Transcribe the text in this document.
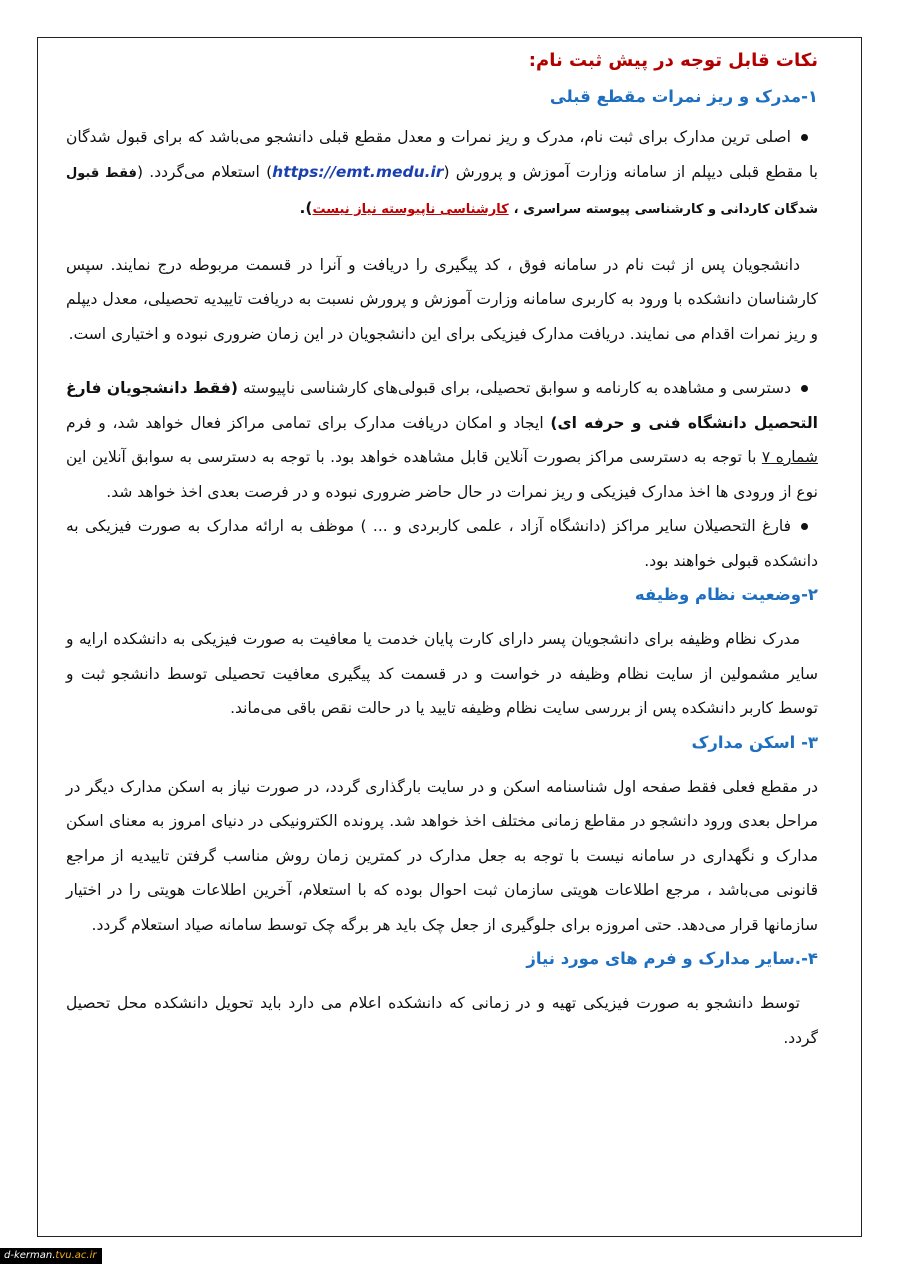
نکات قابل توجه در پیش ثبت نام:

۱-مدرک و ریز نمرات مقطع قبلی

اصلی ترین مدارک برای ثبت نام، مدرک و ریز نمرات و معدل مقطع قبلی دانشجو می‌باشد که برای قبول شدگان با مقطع قبلی دیپلم از سامانه وزارت آموزش و پرورش (https://emt.medu.ir) استعلام می‌گردد. (فقط قبول شدگان کاردانی و کارشناسی پیوسته سراسری ، کارشناسی ناپیوسته نیاز نیست).

دانشجویان پس از ثبت نام در سامانه فوق ، کد پیگیری را دریافت و آنرا در قسمت مربوطه درج نمایند. سپس کارشناسان دانشکده با ورود به کاربری سامانه وزارت آموزش و پرورش نسبت به دریافت تاییدیه تحصیلی، معدل دیپلم و ریز نمرات اقدام می نمایند. دریافت مدارک فیزیکی برای این دانشجویان در این زمان ضروری نبوده و اختیاری است.

دسترسی و مشاهده به کارنامه و سوابق تحصیلی، برای قبولی‌های کارشناسی ناپیوسته (فقط دانشجویان فارغ التحصیل دانشگاه فنی و حرفه ای) ایجاد و امکان دریافت مدارک برای تمامی مراکز فعال خواهد شد، و فرم شماره ۷ با توجه به دسترسی مراکز بصورت آنلاین قابل مشاهده خواهد بود. با توجه به دسترسی به سوابق آنلاین این نوع از ورودی ها اخذ مدارک فیزیکی و ریز نمرات در حال حاضر ضروری نبوده و در فرصت بعدی اخذ خواهد شد.

فارغ التحصیلان سایر مراکز (دانشگاه آزاد ، علمی کاربردی و ... ) موظف به ارائه مدارک به صورت فیزیکی به دانشکده قبولی خواهند بود.

۲-وضعیت نظام وظیفه

مدرک نظام وظیفه برای دانشجویان پسر دارای کارت پایان خدمت یا معافیت به صورت فیزیکی به دانشکده ارایه و سایر مشمولین از سایت نظام وظیفه در خواست و در قسمت کد پیگیری معافیت تحصیلی توسط دانشجو ثبت و توسط کاربر دانشکده پس از بررسی سایت نظام وظیفه تایید یا در حالت نقص باقی می‌ماند.

۳- اسکن مدارک

در مقطع فعلی فقط صفحه اول شناسنامه اسکن و در سایت بارگذاری گردد، در صورت نیاز به اسکن مدارک دیگر در مراحل بعدی ورود دانشجو در مقاطع زمانی مختلف اخذ خواهد شد. پرونده الکترونیکی در دنیای امروز به معنای اسکن مدارک و نگهداری در سامانه نیست با توجه به جعل مدارک در کمترین زمان روش مناسب گرفتن تاییدیه از مراجع قانونی می‌باشد ، مرجع اطلاعات هویتی سازمان ثبت احوال بوده که با استعلام، آخرین اطلاعات هویتی را در اختیار سازمانها قرار می‌دهد. حتی امروزه برای جلوگیری از جعل چک باید هر برگه چک توسط سامانه صیاد استعلام گردد.

۴-.سایر مدارک و فرم های مورد نیاز

توسط دانشجو به صورت فیزیکی تهیه و در زمانی که دانشکده اعلام می دارد باید تحویل دانشکده محل تحصیل گردد.

d-kerman.tvu.ac.ir
